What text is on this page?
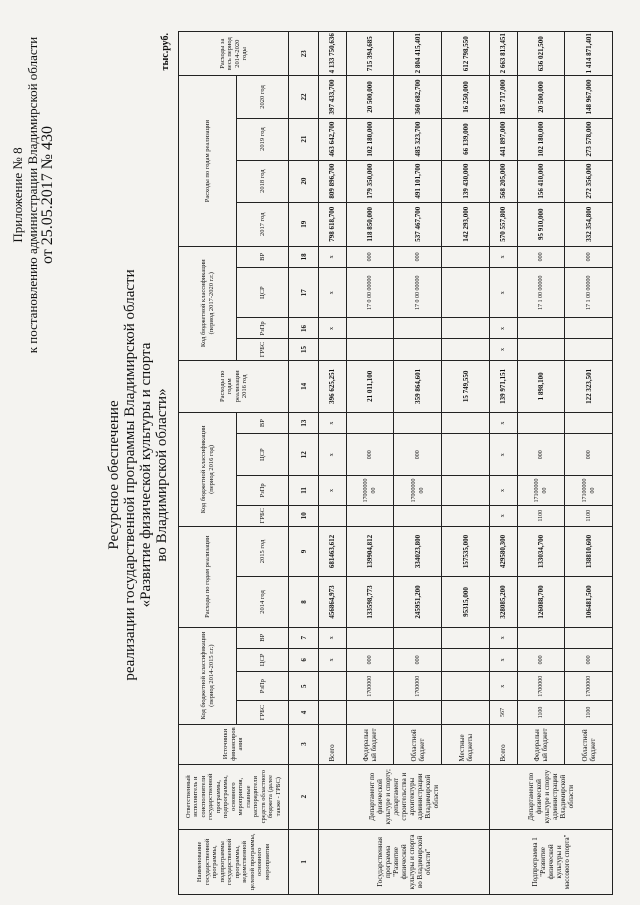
Приложение № 8 к постановлению администрации Владимирской области от 25.05.2017 № 430
Ресурсное обеспечение реализации государственной программы Владимирской области «Развитие физической культуры и спорта во Владимирской области»
тыс.руб.
Наименование государственной программы, подпрограммы государственной программы, ведомственной целевой программы, основного мероприятия	Ответственный исполнитель и соисполнители государственной программы, подпрограммы, основного мероприятия, главные распорядители средств областного бюджета (далее также - ГРБС)	Источники финансирования	Код бюджетной классификации (период 2014-2015 г.г.)				Расходы по годам реализации		Код бюджетной классификации (период 2016 год)				Расходы по годам реализации
2016 год	Код бюджетной классификации (период 2017-2020 г.г.)				Расходы по годам реализации				Расходы за весь период 2014-2020 годы
			ГРБС	РзПр	ЦСР	ВР	2014 год	2015 год	ГРБС	РзПр	ЦСР	ВР		ГРБС	РзПр	ЦСР	ВР	2017 год	2018 год	2019 год	2020 год	
1	2	3	4	5	6	7	8	9	10	11	12	13	14	15	16	17	18	19	20	21	22	23
Государственная программа "Развитие физической культуры и спорта во Владимирской области"	Департамент по физической культуре и спорту; департамент строительства и архитектуры администрации Владимирской области	Всего			х	х	456864,973	681463,612		х	х	х	396 625,251		х	х	х	798 618,700	809 896,700	463 642,700	397 433,700	4 133 750,636
		Федеральный бюджет		1700000	000		133598,773	139904,812		1700000000	000		21 011,100			17 0 00 00000	000	118 850,000	179 350,000	102 180,000	20 500,000	715 394,685
		Областной бюджет		1700000	000		245951,200	334023,800		1700000000	000		359 864,601			17 0 00 00000	000	537 467,700	491 101,700	485 323,700	360 682,700	2 804 415,401
		Местные бюджеты					95315,000	157535,000					15 749,550					142 293,000	139 430,000	66 139,000	16 250,000	612 798,550
Подпрограмма 1 "Развитие физической культуры и массового спорта"	Департамент по физической культуре и спорту администрации Владимирской области	Всего	567	х	х	х	328085,200	429580,300	х	х	х	х	139 971,151	х	х	х	х	570 557,800	568 205,000	441 897,000	185 717,000	2 663 813,451
		Федеральный бюджет	1100	1700000	000		126088,700	133034,700	1100	1710000000	000		1 898,100			17 1 00 00000	000	95 910,000	156 410,000	102 180,000	20 500,000	636 021,500
		Областной бюджет	1100	1700000	000		106481,500	138810,600	1100	1710000000	000		122 323,501			17 1 00 00000	000	332 354,800	272 356,000	273 578,000	148 967,000	1 414 871,401
